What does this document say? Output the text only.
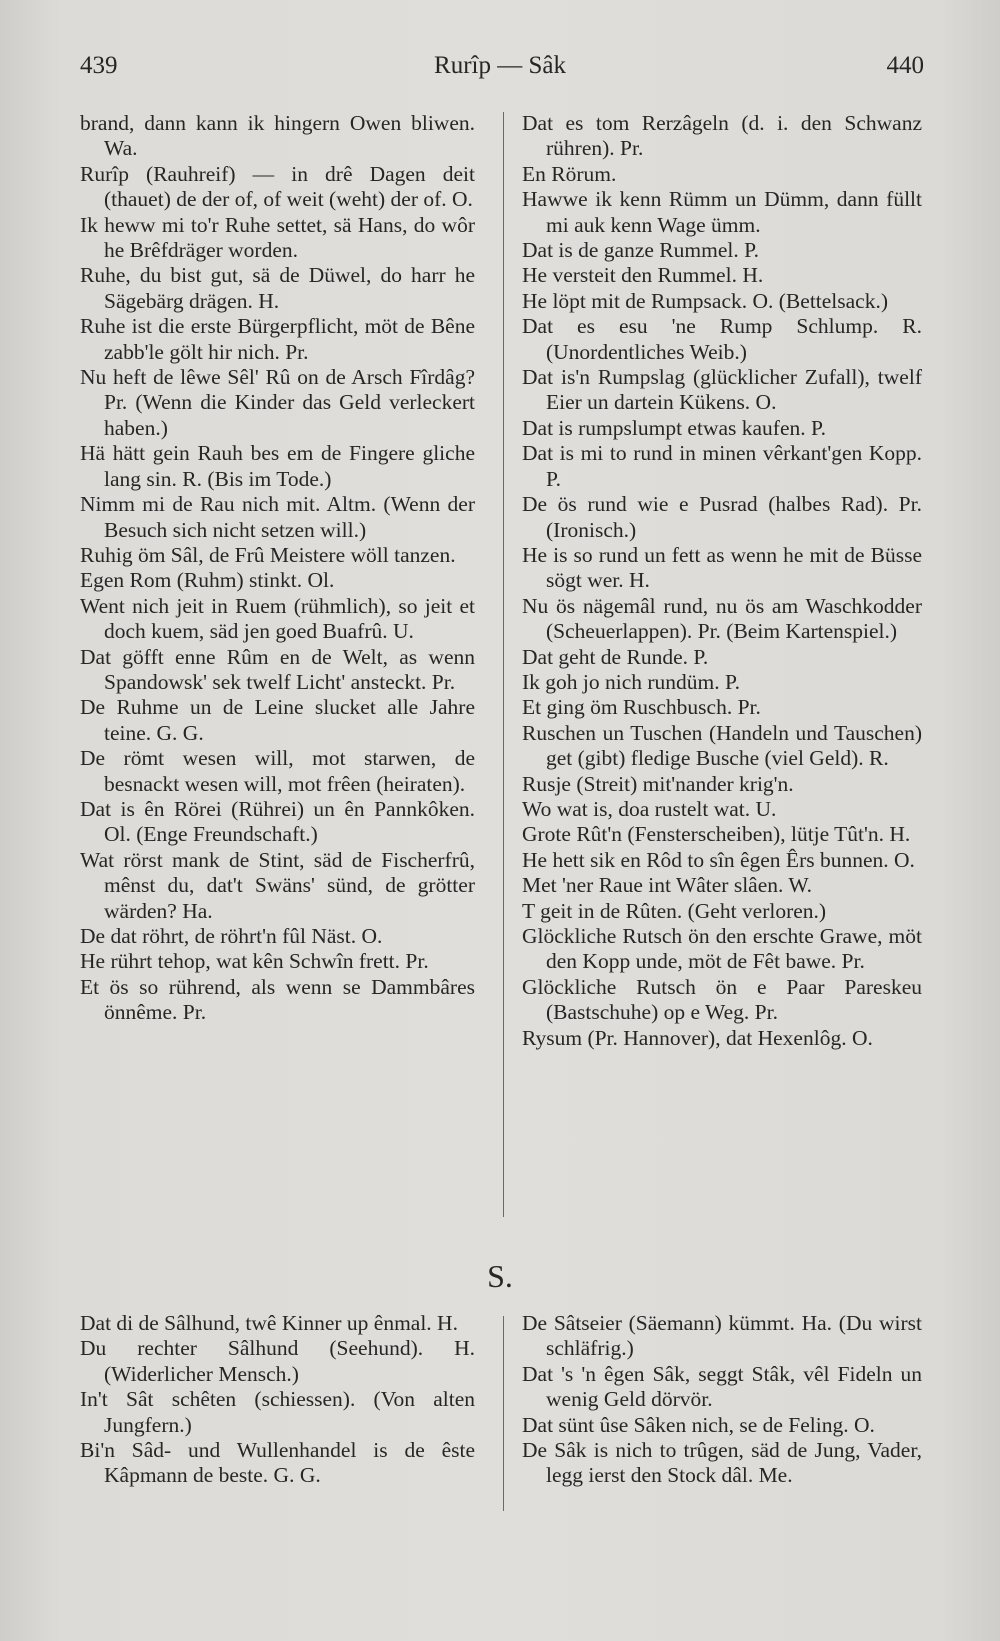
439	Rurîp — Sâk	440

brand, dann kann ik hingern Owen bliwen. Wa.

Rurîp (Rauhreif) — in drê Dagen deit (thauet) de der of, of weit (weht) der of. O.

Ik heww mi to'r Ruhe settet, sä Hans, do wôr he Brêfdräger worden.

Ruhe, du bist gut, sä de Düwel, do harr he Sägebärg drägen. H.

Ruhe ist die erste Bürgerpflicht, möt de Bêne zabb'le gölt hir nich. Pr.

Nu heft de lêwe Sêl' Rû on de Arsch Fîrdâg? Pr. (Wenn die Kinder das Geld verleckert haben.)

Hä hätt gein Rauh bes em de Fingere gliche lang sin. R. (Bis im Tode.)

Nimm mi de Rau nich mit. Altm. (Wenn der Besuch sich nicht setzen will.)

Ruhig öm Sâl, de Frû Meistere wöll tanzen.

Egen Rom (Ruhm) stinkt. Ol.

Went nich jeit in Ruem (rühmlich), so jeit et doch kuem, säd jen goed Buafrû. U.

Dat göfft enne Rûm en de Welt, as wenn Spandowsk' sek twelf Licht' ansteckt. Pr.

De Ruhme un de Leine slucket alle Jahre teine. G. G.

De römt wesen will, mot starwen, de besnackt wesen will, mot frêen (heiraten).

Dat is ên Rörei (Rührei) un ên Pannkôken. Ol. (Enge Freundschaft.)

Wat rörst mank de Stint, säd de Fischerfrû, mênst du, dat't Swäns' sünd, de grötter wärden? Ha.

De dat röhrt, de röhrt'n fûl Näst. O.

He rührt tehop, wat kên Schwîn frett. Pr.

Et ös so rührend, als wenn se Dammbâres önnême. Pr.

Dat es tom Rerzâgeln (d. i. den Schwanz rühren). Pr.

En Rörum.

Hawwe ik kenn Rümm un Dümm, dann füllt mi auk kenn Wage ümm.

Dat is de ganze Rummel. P.

He versteit den Rummel. H.

He löpt mit de Rumpsack. O. (Bettelsack.)

Dat es esu 'ne Rump Schlump. R. (Unordentliches Weib.)

Dat is'n Rumpslag (glücklicher Zufall), twelf Eier un dartein Kükens. O.

Dat is rumpslumpt etwas kaufen. P.

Dat is mi to rund in minen vêrkant'gen Kopp. P.

De ös rund wie e Pusrad (halbes Rad). Pr. (Ironisch.)

He is so rund un fett as wenn he mit de Büsse sögt wer. H.

Nu ös nägemâl rund, nu ös am Waschkodder (Scheuerlappen). Pr. (Beim Kartenspiel.)

Dat geht de Runde. P.

Ik goh jo nich rundüm. P.

Et ging öm Ruschbusch. Pr.

Ruschen un Tuschen (Handeln und Tauschen) get (gibt) fledige Busche (viel Geld). R.

Rusje (Streit) mit'nander krig'n.

Wo wat is, doa rustelt wat. U.

Grote Rût'n (Fensterscheiben), lütje Tût'n. H.

He hett sik en Rôd to sîn êgen Êrs bunnen. O.

Met 'ner Raue int Wâter slâen. W.

T geit in de Rûten. (Geht verloren.)

Glöckliche Rutsch ön den erschte Grawe, möt den Kopp unde, möt de Fêt bawe. Pr.

Glöckliche Rutsch ön e Paar Pareskeu (Bastschuhe) op e Weg. Pr.

Rysum (Pr. Hannover), dat Hexenlôg. O.

S.

Dat di de Sâlhund, twê Kinner up ênmal. H.

Du rechter Sâlhund (Seehund). H. (Widerlicher Mensch.)

In't Sât schêten (schiessen). (Von alten Jungfern.)

Bi'n Sâd- und Wullenhandel is de êste Kâpmann de beste. G. G.

De Sâtseier (Säemann) kümmt. Ha. (Du wirst schläfrig.)

Dat 's 'n êgen Sâk, seggt Stâk, vêl Fideln un wenig Geld dörvör.

Dat sünt ûse Sâken nich, se de Feling. O.

De Sâk is nich to trûgen, säd de Jung, Vader, legg ierst den Stock dâl. Me.
